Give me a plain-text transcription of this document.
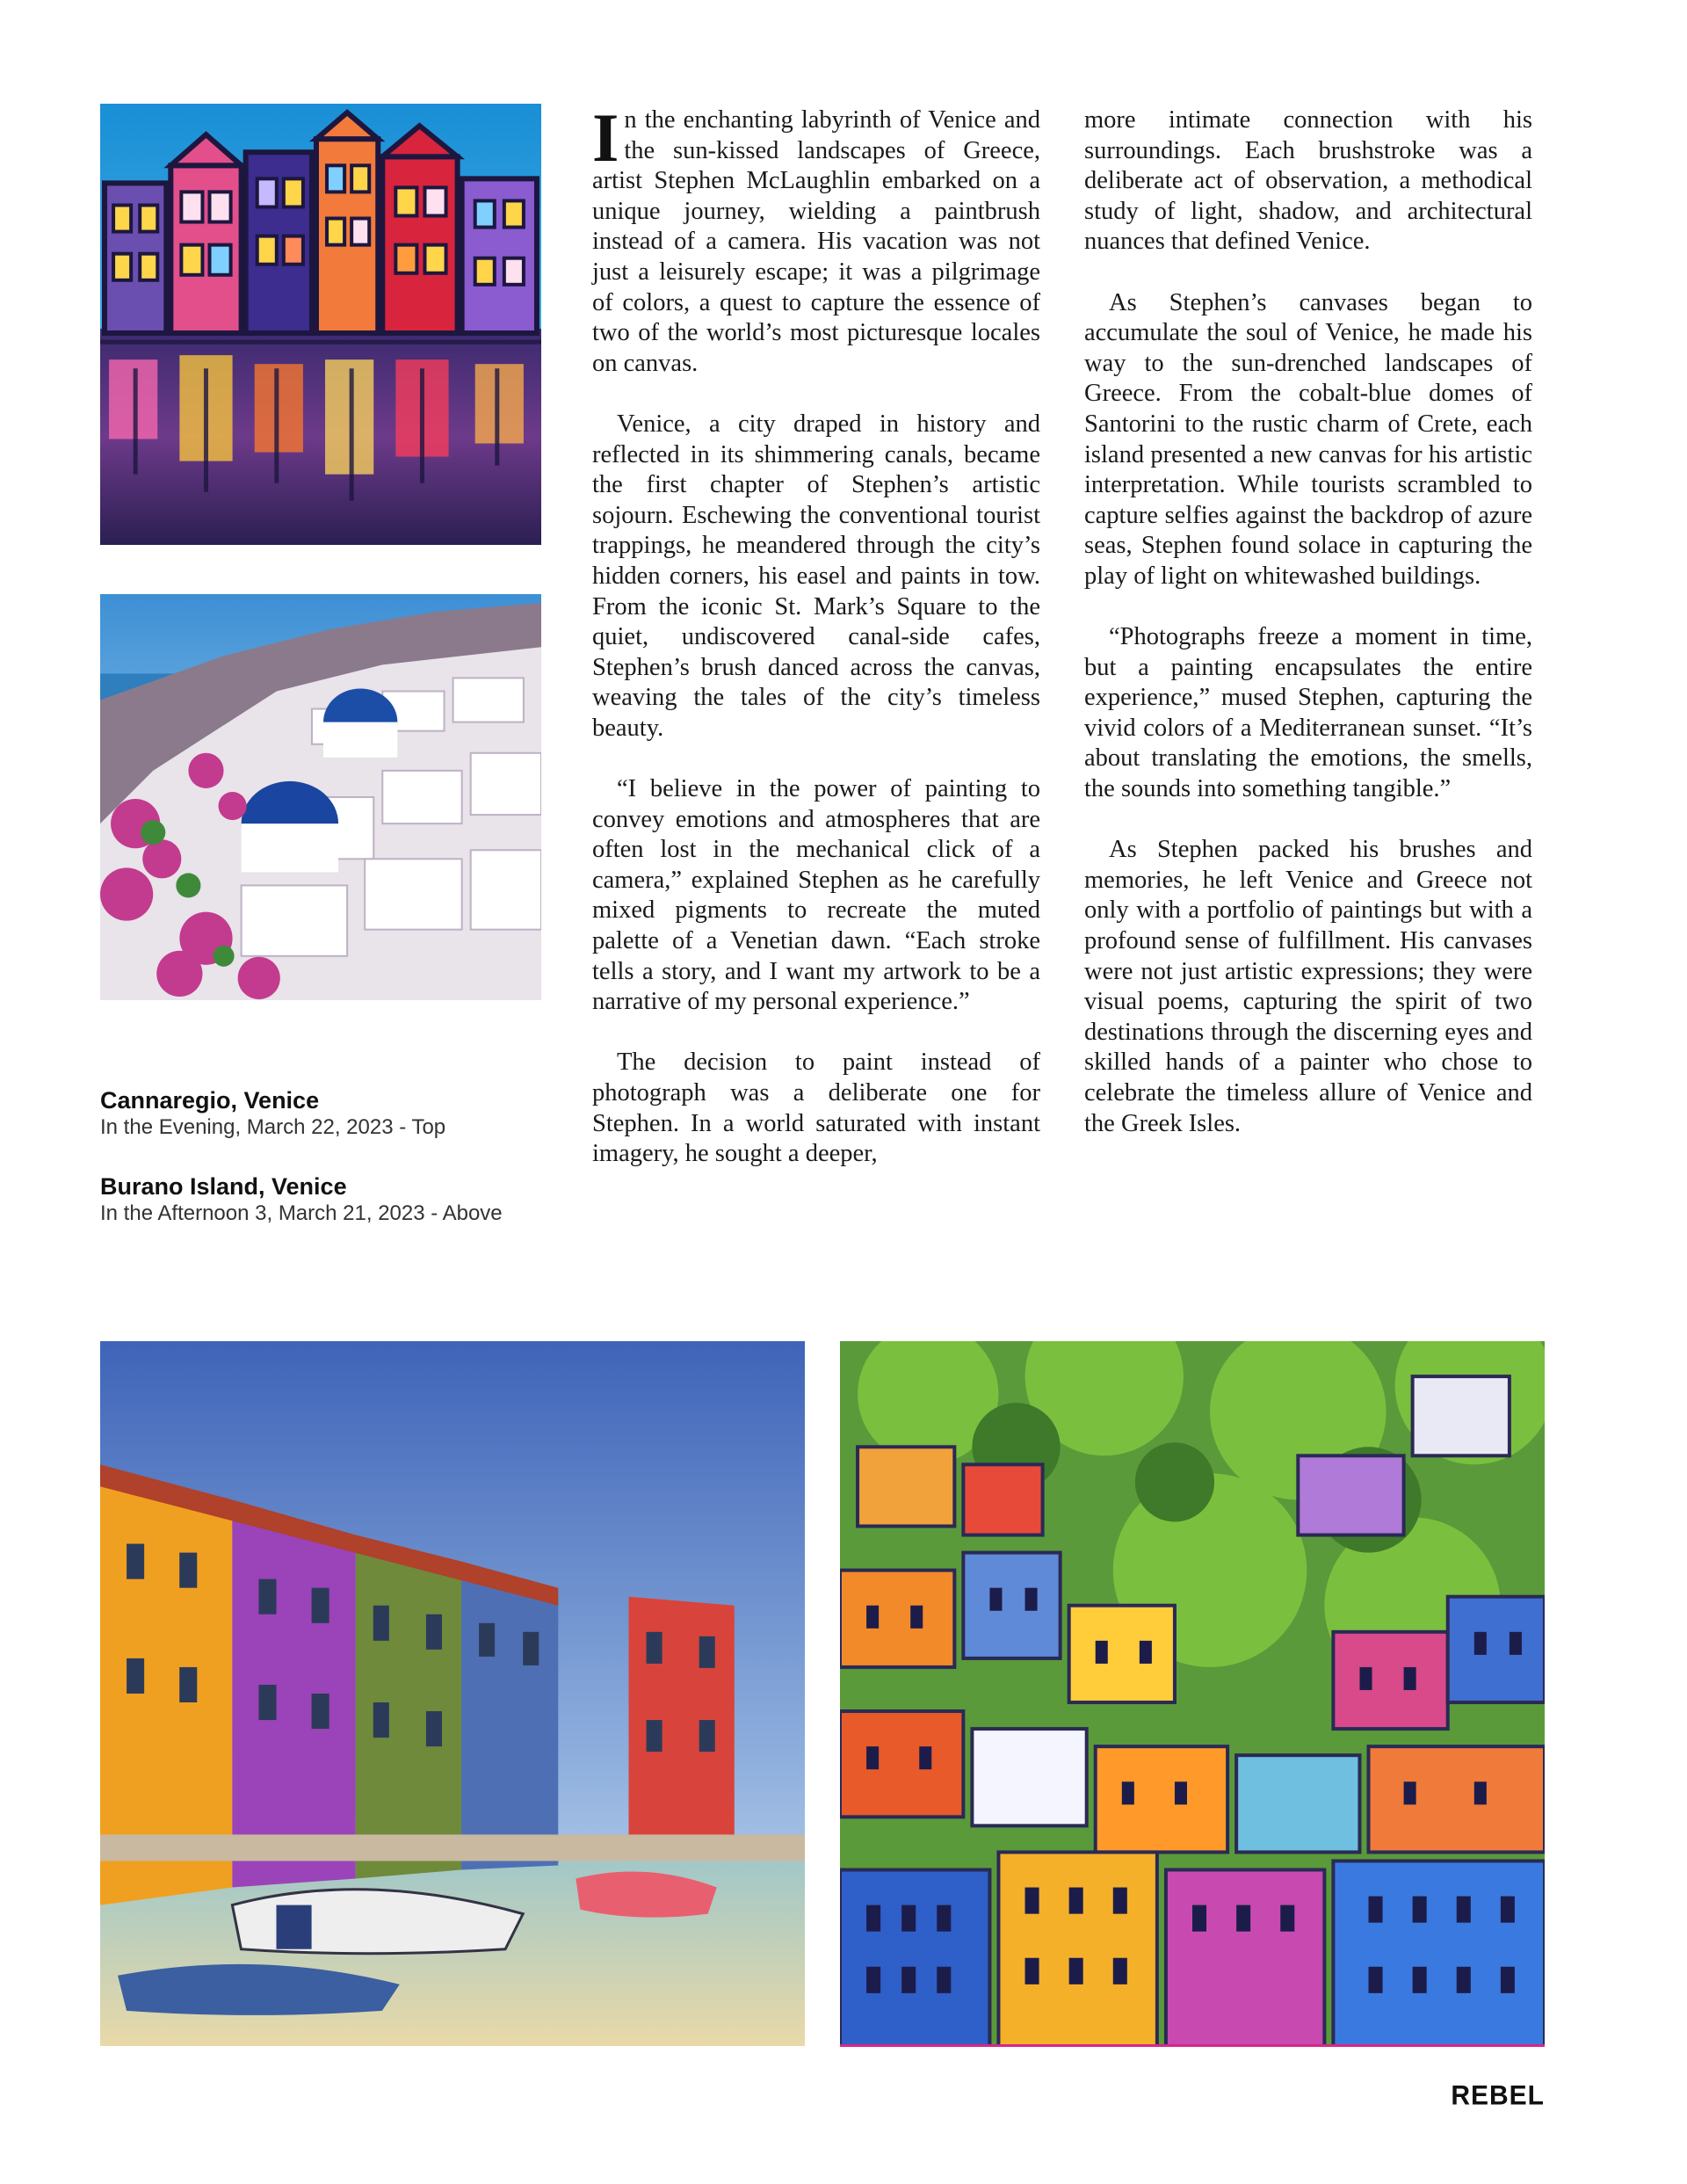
Cannaregio, Venice
In the Evening, March 22, 2023 - Top
Burano Island, Venice
In the Afternoon 3, March 21, 2023 - Above

In the enchanting labyrinth of Venice and the sun-kissed landscapes of Greece, artist Stephen McLaughlin embarked on a unique journey, wielding a paintbrush instead of a camera. His vacation was not just a leisurely escape; it was a pilgrimage of colors, a quest to capture the essence of two of the world’s most picturesque locales on canvas.

Venice, a city draped in history and reflected in its shimmering canals, became the first chapter of Stephen’s artistic sojourn. Eschewing the conventional tourist trappings, he meandered through the city’s hidden corners, his easel and paints in tow. From the iconic St. Mark’s Square to the quiet, undiscovered canal-side cafes, Stephen’s brush danced across the canvas, weaving the tales of the city’s timeless beauty.

“I believe in the power of painting to convey emotions and atmospheres that are often lost in the mechanical click of a camera,” explained Stephen as he carefully mixed pigments to recreate the muted palette of a Venetian dawn. “Each stroke tells a story, and I want my artwork to be a narrative of my personal experience.”

The decision to paint instead of photograph was a deliberate one for Stephen. In a world saturated with instant imagery, he sought a deeper,

more intimate connection with his surroundings. Each brushstroke was a deliberate act of observation, a methodical study of light, shadow, and architectural nuances that defined Venice.

As Stephen’s canvases began to accumulate the soul of Venice, he made his way to the sun-drenched landscapes of Greece. From the cobalt-blue domes of Santorini to the rustic charm of Crete, each island presented a new canvas for his artistic interpretation. While tourists scrambled to capture selfies against the backdrop of azure seas, Stephen found solace in capturing the play of light on whitewashed buildings.

“Photographs freeze a moment in time, but a painting encapsulates the entire experience,” mused Stephen, capturing the vivid colors of a Mediterranean sunset. “It’s about translating the emotions, the smells, the sounds into something tangible.”

As Stephen packed his brushes and memories, he left Venice and Greece not only with a portfolio of paintings but with a profound sense of fulfillment. His canvases were not just artistic expressions; they were visual poems, capturing the spirit of two destinations through the discerning eyes and skilled hands of a painter who chose to celebrate the timeless allure of Venice and the Greek Isles.

REBEL
